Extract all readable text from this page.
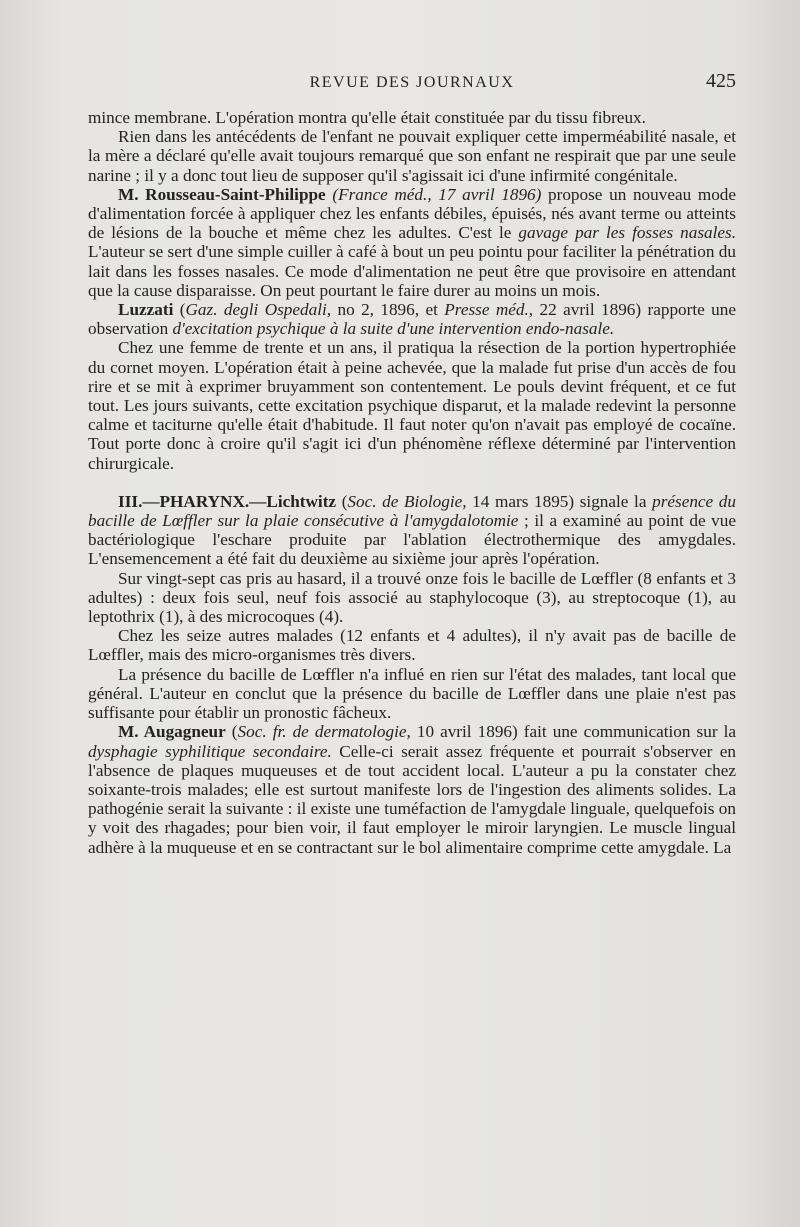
REVUE DES JOURNAUX	425

mince membrane. L'opération montra qu'elle était constituée par du tissu fibreux.

Rien dans les antécédents de l'enfant ne pouvait expliquer cette imperméabilité nasale, et la mère a déclaré qu'elle avait toujours remarqué que son enfant ne respirait que par une seule narine ; il y a donc tout lieu de supposer qu'il s'agissait ici d'une infirmité congénitale.

M. Rousseau-Saint-Philippe (France méd., 17 avril 1896) propose un nouveau mode d'alimentation forcée à appliquer chez les enfants débiles, épuisés, nés avant terme ou atteints de lésions de la bouche et même chez les adultes. C'est le gavage par les fosses nasales. L'auteur se sert d'une simple cuiller à café à bout un peu pointu pour faciliter la pénétration du lait dans les fosses nasales. Ce mode d'alimentation ne peut être que provisoire en attendant que la cause disparaisse. On peut pourtant le faire durer au moins un mois.

Luzzati (Gaz. degli Ospedali, no 2, 1896, et Presse méd., 22 avril 1896) rapporte une observation d'excitation psychique à la suite d'une intervention endo-nasale.

Chez une femme de trente et un ans, il pratiqua la résection de la portion hypertrophiée du cornet moyen. L'opération était à peine achevée, que la malade fut prise d'un accès de fou rire et se mit à exprimer bruyamment son contentement. Le pouls devint fréquent, et ce fut tout. Les jours suivants, cette excitation psychique disparut, et la malade redevint la personne calme et taciturne qu'elle était d'habitude. Il faut noter qu'on n'avait pas employé de cocaïne. Tout porte donc à croire qu'il s'agit ici d'un phénomène réflexe déterminé par l'intervention chirurgicale.

III.—PHARYNX.—Lichtwitz (Soc. de Biologie, 14 mars 1895) signale la présence du bacille de Lœffler sur la plaie consécutive à l'amygdalotomie ; il a examiné au point de vue bactériologique l'eschare produite par l'ablation électrothermique des amygdales. L'ensemencement a été fait du deuxième au sixième jour après l'opération.

Sur vingt-sept cas pris au hasard, il a trouvé onze fois le bacille de Lœffler (8 enfants et 3 adultes) : deux fois seul, neuf fois associé au staphylocoque (3), au streptocoque (1), au leptothrix (1), à des microcoques (4).

Chez les seize autres malades (12 enfants et 4 adultes), il n'y avait pas de bacille de Lœffler, mais des micro-organismes très divers.

La présence du bacille de Lœffler n'a influé en rien sur l'état des malades, tant local que général. L'auteur en conclut que la présence du bacille de Lœffler dans une plaie n'est pas suffisante pour établir un pronostic fâcheux.

M. Augagneur (Soc. fr. de dermatologie, 10 avril 1896) fait une communication sur la dysphagie syphilitique secondaire. Celle-ci serait assez fréquente et pourrait s'observer en l'absence de plaques muqueuses et de tout accident local. L'auteur a pu la constater chez soixante-trois malades; elle est surtout manifeste lors de l'ingestion des aliments solides. La pathogénie serait la suivante : il existe une tuméfaction de l'amygdale linguale, quelquefois on y voit des rhagades; pour bien voir, il faut employer le miroir laryngien. Le muscle lingual adhère à la muqueuse et en se contractant sur le bol alimentaire comprime cette amygdale. La
